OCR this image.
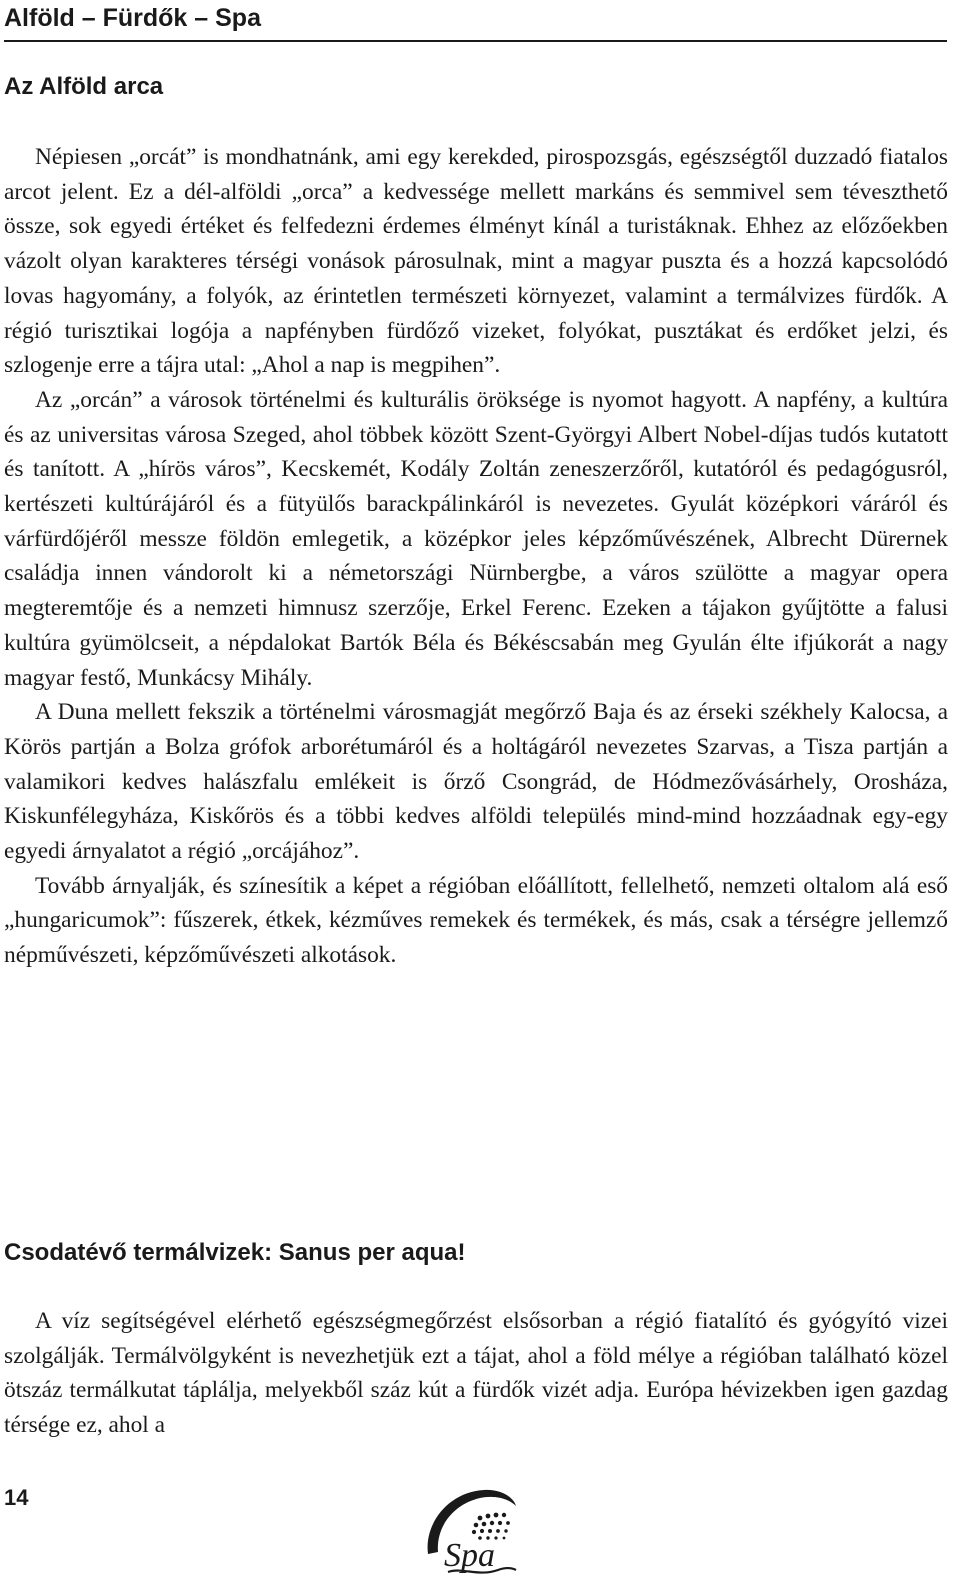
Alföld – Fürdők – Spa
Az Alföld arca

Népiesen „orcát” is mondhatnánk, ami egy kerekded, pirospozsgás, egészségtől duzzadó fiatalos arcot jelent. Ez a dél-alföldi „orca” a kedvessége mellett markáns és semmivel sem téveszthető össze, sok egyedi értéket és felfedezni érdemes élményt kínál a turistáknak. Ehhez az előzőekben vázolt olyan karakteres térségi vonások párosulnak, mint a magyar puszta és a hozzá kapcsolódó lovas hagyomány, a folyók, az érintetlen természeti környezet, valamint a termálvizes fürdők. A régió turisztikai logója a napfényben fürdőző vizeket, folyókat, pusztákat és erdőket jelzi, és szlogenje erre a tájra utal: „Ahol a nap is megpihen”.

Az „orcán” a városok történelmi és kulturális öröksége is nyomot hagyott. A napfény, a kultúra és az universitas városa Szeged, ahol többek között Szent-Györgyi Albert Nobel-díjas tudós kutatott és tanított. A „hírös város”, Kecskemét, Kodály Zoltán zeneszerzőről, kutatóról és pedagógusról, kertészeti kultúrájáról és a fütyülős barackpálinkáról is nevezetes. Gyulát középkori váráról és várfürdőjéről messze földön emlegetik, a középkor jeles képzőművészének, Albrecht Dürernek családja innen vándorolt ki a németországi Nürnbergbe, a város szülötte a magyar opera megteremtője és a nemzeti himnusz szerzője, Erkel Ferenc. Ezeken a tájakon gyűjtötte a falusi kultúra gyümölcseit, a népdalokat Bartók Béla és Békéscsabán meg Gyulán élte ifjúkorát a nagy magyar festő, Munkácsy Mihály.

A Duna mellett fekszik a történelmi városmagját megőrző Baja és az érseki székhely Kalocsa, a Körös partján a Bolza grófok arborétumáról és a holtágáról nevezetes Szarvas, a Tisza partján a valamikori kedves halászfalu emlékeit is őrző Csongrád, de Hódmezővásárhely, Orosháza, Kiskunfélegyháza, Kiskőrös és a többi kedves alföldi település mind-mind hozzáadnak egy-egy egyedi árnyalatot a régió „orcájához”.

Tovább árnyalják, és színesítik a képet a régióban előállított, fellelhető, nemzeti oltalom alá eső „hungaricumok”: fűszerek, étkek, kézműves remekek és termékek, és más, csak a térségre jellemző népművészeti, képzőművészeti alkotások.

Csodatévő termálvizek: Sanus per aqua!

A víz segítségével elérhető egészségmegőrzést elsősorban a régió fiatalító és gyógyító vizei szolgálják. Termálvölgyként is nevezhetjük ezt a tájat, ahol a föld mélye a régióban található közel ötszáz termálkutat táplálja, melyekből száz kút a fürdők vizét adja. Európa hévizekben igen gazdag térsége ez, ahol a

14
ALFÖLD
Spa
